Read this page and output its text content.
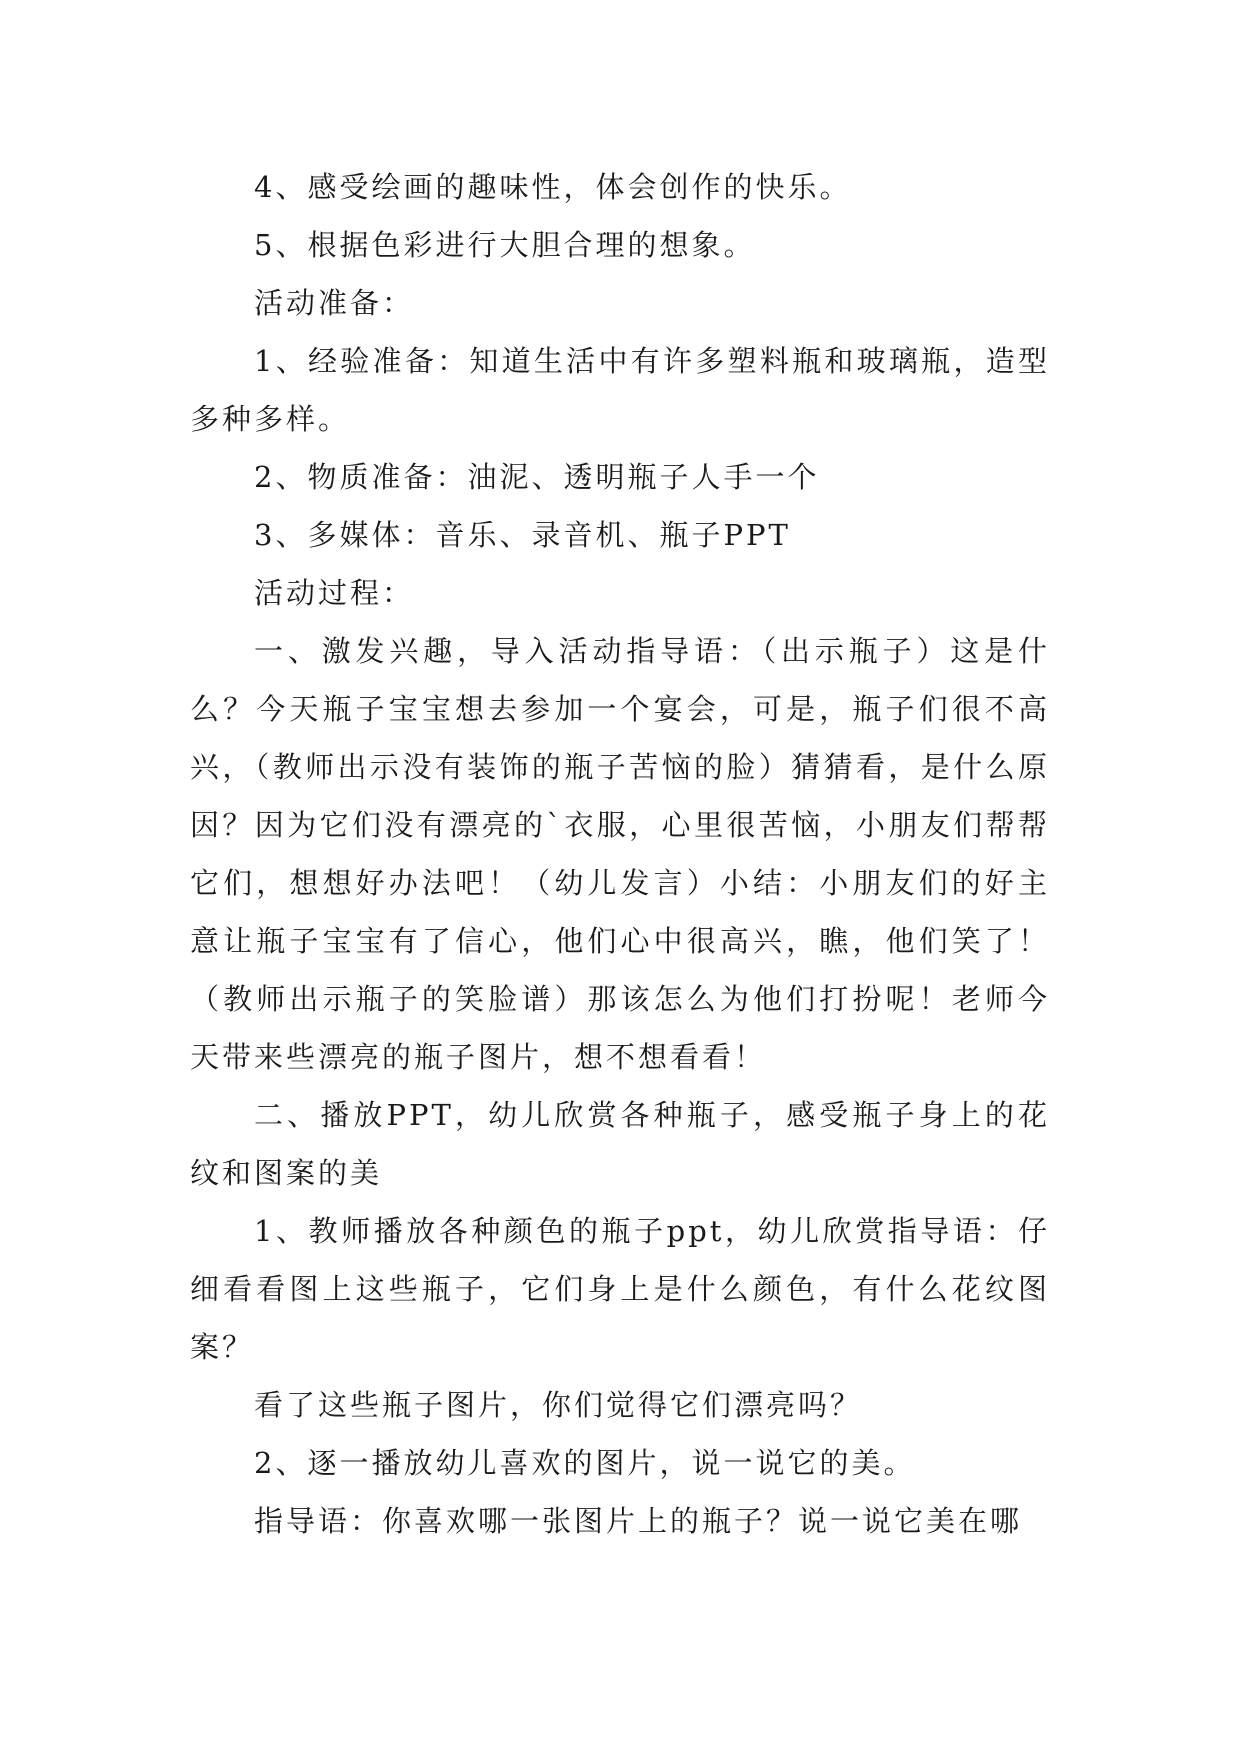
4、感受绘画的趣味性，体会创作的快乐。

5、根据色彩进行大胆合理的想象。

活动准备：

1、经验准备：知道生活中有许多塑料瓶和玻璃瓶，造型多种多样。

2、物质准备：油泥、透明瓶子人手一个

3、多媒体：音乐、录音机、瓶子PPT

活动过程：

一、激发兴趣，导入活动指导语：（出示瓶子）这是什么？今天瓶子宝宝想去参加一个宴会，可是，瓶子们很不高兴，（教师出示没有装饰的瓶子苦恼的脸）猜猜看，是什么原因？因为它们没有漂亮的`衣服，心里很苦恼，小朋友们帮帮它们，想想好办法吧！（幼儿发言）小结：小朋友们的好主意让瓶子宝宝有了信心，他们心中很高兴，瞧，他们笑了！（教师出示瓶子的笑脸谱）那该怎么为他们打扮呢！老师今天带来些漂亮的瓶子图片，想不想看看！

二、播放PPT，幼儿欣赏各种瓶子，感受瓶子身上的花纹和图案的美

1、教师播放各种颜色的瓶子ppt，幼儿欣赏指导语：仔细看看图上这些瓶子，它们身上是什么颜色，有什么花纹图案？

看了这些瓶子图片，你们觉得它们漂亮吗？

2、逐一播放幼儿喜欢的图片，说一说它的美。

指导语：你喜欢哪一张图片上的瓶子？说一说它美在哪
